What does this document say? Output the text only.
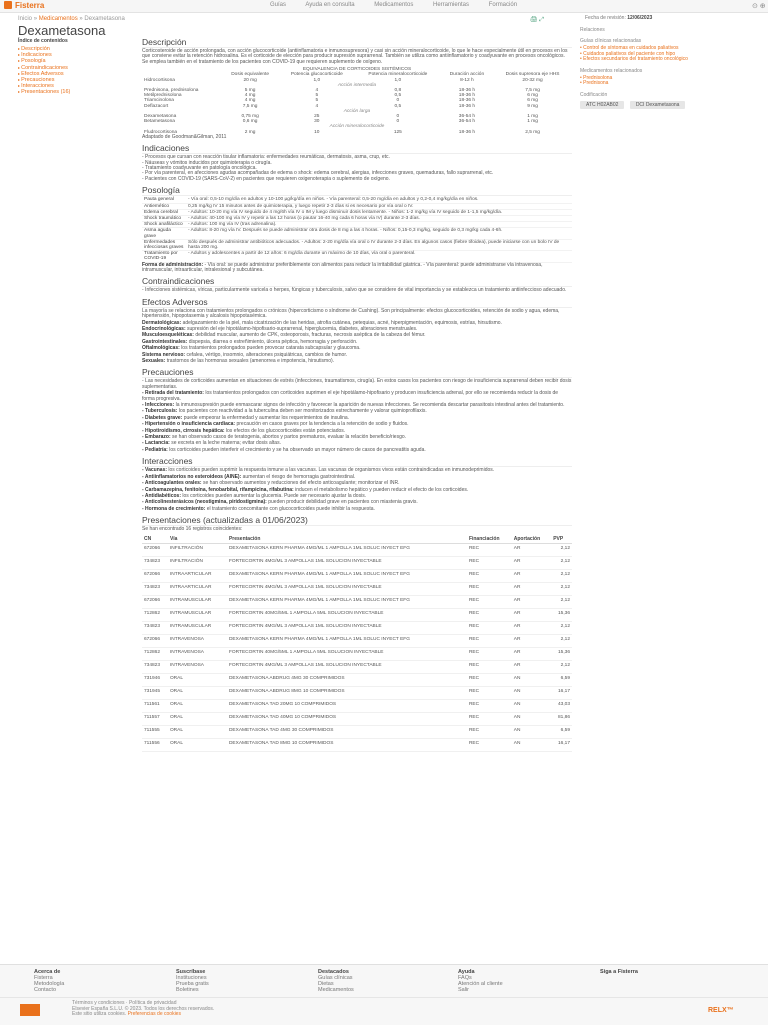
Fisterra	Guías	Ayuda en consulta	Medicamentos	Herramientas	Formación	⊙ ⊕
Inicio » Medicamentos » Dexametasona
Dexametasona
🖨 ⤢	Fecha de revisión: 12/06/2023
Índice de contenidos
▸ Descripción
▸ Indicaciones
▸ Posología
▸ Contraindicaciones
▸ Efectos Adversos
▸ Precauciones
▸ Interacciones
▸ Presentaciones (16)
Relaciones
Guías clínicas relacionadas
• Control de síntomas en cuidados paliativos
• Cuidados paliativos del paciente con hipo
• Efectos secundarios del tratamiento oncológico
Medicamentos relacionados
• Prednisolona
• Prednisona
Codificación
ATC H02AB02	DCI Dexametasona
Descripción

Corticosteroide de acción prolongada, con acción glucocorticoide (antiinflamatoria e inmunosupresora) y casi sin acción mineralocorticoide, lo que le hace especialmente útil en procesos en los que conviene evitar la retención hidrosalina. Es el corticoide de elección para producir supresión suprarrenal. También se utiliza como antiinflamatorio y coadyuvante en procesos oncológicos. Se emplea también en el tratamiento de los pacientes con COVID-19 que requieren suplemento de oxígeno.

EQUIVALENCIA DE CORTICOIDES SISTÉMICOS					
	Dosis equivalente	Potencia glucocorticoide	Potencia mineralocorticoide	Duración acción	Dosis supresora eje HHS
Hidrocortisona	20 mg	1,0	1,0	8-12 h	20-32 mg
Acción intermedia					
Prednisona, prednisolona	5 mg	4	0,8	18-36 h	7,5 mg
Metilprednisolona	4 mg	5	0,5	18-36 h	6 mg
Triamcinolona	4 mg	5	0	18-36 h	6 mg
Deflazacort	7,5 mg	4	0,5	18-36 h	9 mg
Acción larga					
Dexametasona	0,75 mg	25	0	36-54 h	1 mg
Betametasona	0,6 mg	30	0	36-54 h	1 mg
Acción mineralocorticoide					
Fludrocortisona	2 mg	10	125	18-36 h	2,5 mg

Adaptado de Goodman&Gilman, 2011

Indicaciones

- Procesos que cursan con reacción tisular inflamatoria: enfermedades reumáticas, dermatosis, asma, crup, etc.

- Náuseas y vómitos inducidos por quimioterapia o cirugía.

- Tratamiento coadyuvante en patología oncológica.

- Por vía parenteral, en afecciones agudas acompañadas de edema o shock: edema cerebral, alergias, infecciones graves, quemaduras, fallo suprarrenal, etc.

- Pacientes con COVID-19 (SARS-CoV-2) en pacientes que requieren oxigenoterapia o suplemento de oxígeno.

Posología
Pauta general	- Vía oral: 0,5-10 mg/día en adultos y 10-100 µg/kg/día en niños. - Vía parenteral: 0,5-20 mg/día en adultos y 0,2-0,4 mg/kg/día en niños.
Antiemético	0,25 mg/kg IV 15 minutos antes de quimioterapia, y luego repetir 2-3 días si es necesario por vía oral o IV.
Edema cerebral	- Adultos: 10-20 mg vía IV seguido de 4 mg/6h vía IV o IM y luego disminuir dosis lentamente. - Niños: 1-2 mg/kg vía IV seguido de 1-1,5 mg/kg/día.
Shock traumático	- Adultos: 40-100 mg vía IV y repetir a las 12 horas (o pautar 16-40 mg cada 6 horas vía IV) durante 2-3 días.
Shock anafiláctico	- Adultos: 100 mg vía IV (tras adrenalina).
Asma aguda grave	- Adultos: 8-20 mg vía IV. Después se puede administrar otra dosis de 8 mg a las 4 horas. - Niños: 0,15-0,3 mg/kg, seguido de 0,3 mg/kg cada 4-6h.
Enfermedades infecciosas graves	Sólo después de administrar antibióticos adecuados. - Adultos: 2-20 mg/día vía oral o IV durante 2-3 días. En algunos casos (fiebre tifoidea), puede iniciarse con un bolo IV de hasta 200 mg.
Tratamiento por COVID-19	- Adultos y adolescentes a partir de 12 años: 6 mg/día durante un máximo de 10 días, vía oral o parenteral.

Forma de administración: - Vía oral: se puede administrar preferiblemente con alimentos para reducir la irritabilidad gástrica. - Vía parenteral: puede administrarse vía intravenosa, intramuscular, intraarticular, intralesional y subcutánea.

Contraindicaciones

- Infecciones sistémicas, víricas, particularmente varicela o herpes, fúngicas y tuberculosis, salvo que se considere de vital importancia y se establezca un tratamiento antiinfeccioso adecuado.

Efectos Adversos

La mayoría se relaciona con tratamientos prolongados o crónicos (hipercorticismo o síndrome de Cushing). Son principalmente: efectos glucocorticoides, retención de sodio y agua, edema, hipertensión, hipopotasemia y alcalosis hipopotasémica.

Dermatológicas: adelgazamiento de la piel, mala cicatrización de las heridas, atrofia cutánea, petequias, acné, hiperpigmentación, equimosis, estrías, hirsutismo.

Endocrinológicas: supresión del eje hipotálamo-hipofisario-suprarrenal, hiperglucemia, diabetes, alteraciones menstruales.

Musculoesqueléticas: debilidad muscular, aumento de CPK, osteoporosis, fracturas, necrosis aséptica de la cabeza del fémur.

Gastrointestinales: dispepsia, diarrea o estreñimiento, úlcera péptica, hemorragia y perforación.

Oftalmológicas: los tratamientos prolongados pueden provocar catarata subcapsular y glaucoma.

Sistema nervioso: cefalea, vértigo, insomnio, alteraciones psiquiátricas, cambios de humor.

Sexuales: trastornos de las hormonas sexuales (amenorrea e impotencia, hirsutismo).

Precauciones

- Las necesidades de corticoides aumentan en situaciones de estrés (infecciones, traumatismos, cirugía). En estos casos los pacientes con riesgo de insuficiencia suprarrenal deben recibir dosis suplementarias.

- Retirada del tratamiento: los tratamientos prolongados con corticoides suprimen el eje hipotálamo-hipofisario y producen insuficiencia adrenal, por ello se recomienda reducir la dosis de forma progresiva.

- Infecciones: la inmunosupresión puede enmascarar signos de infección y favorecer la aparición de nuevas infecciones. Se recomienda descartar parasitosis intestinal antes del tratamiento.

- Tuberculosis: los pacientes con reactividad a la tuberculina deben ser monitorizados estrechamente y valorar quimioprofilaxis.

- Diabetes grave: puede empeorar la enfermedad y aumentar los requerimientos de insulina.

- Hipertensión o insuficiencia cardiaca: precaución en casos graves por la tendencia a la retención de sodio y fluidos.

- Hipotiroidismo, cirrosis hepática: los efectos de los glucocorticoides están potenciados.

- Embarazo: se han observado casos de teratogenia, abortos y partos prematuros, evaluar la relación beneficio/riesgo.

- Lactancia: se excreta en la leche materna; evitar dosis altas.

- Pediatría: los corticoides pueden interferir el crecimiento y se ha observado un mayor número de casos de pancreatitis aguda.

Interacciones

- Vacunas: los corticoides pueden suprimir la respuesta inmune a las vacunas. Las vacunas de organismos vivos están contraindicadas en inmunodeprimidos.

- Antiinflamatorios no esteroideos (AINE): aumentan el riesgo de hemorragia gastrointestinal.

- Anticoagulantes orales: se han observado aumentos y reducciones del efecto anticoagulante; monitorizar el INR.

- Carbamazepina, fenitoína, fenobarbital, rifampicina, rifabutina: inducen el metabolismo hepático y pueden reducir el efecto de los corticoides.

- Antidiabéticos: los corticoides pueden aumentar la glucemia. Puede ser necesario ajustar la dosis.

- Anticolinesterásicos (neostigmina, piridostigmina): pueden producir debilidad grave en pacientes con miastenia gravis.

- Hormona de crecimiento: el tratamiento concomitante con glucocorticoides puede inhibir la respuesta.

Presentaciones (actualizadas a 01/06/2023)

Se han encontrado 16 registros coincidentes:

CN	Vía	Presentación	Financiación	Aportación	PVP
672066	INFILTRACIÓN	DEXAMETASONA KERN PHARMA 4MG/ML 1 AMPOLLA 1ML SOLUC INYECT EFG	REC	AR	2,12
734823	INFILTRACIÓN	FORTECORTIN 4MG/ML 3 AMPOLLAS 1ML SOLUCION INYECTABLE	REC	AR	2,12
672066	INTRAARTICULAR	DEXAMETASONA KERN PHARMA 4MG/ML 1 AMPOLLA 1ML SOLUC INYECT EFG	REC	AR	2,12
734823	INTRAARTICULAR	FORTECORTIN 4MG/ML 3 AMPOLLAS 1ML SOLUCION INYECTABLE	REC	AR	2,12
672066	INTRAMUSCULAR	DEXAMETASONA KERN PHARMA 4MG/ML 1 AMPOLLA 1ML SOLUC INYECT EFG	REC	AR	2,12
712862	INTRAMUSCULAR	FORTECORTIN 40MG/5ML 1 AMPOLLA 5ML SOLUCION INYECTABLE	REC	AR	15,36
734823	INTRAMUSCULAR	FORTECORTIN 4MG/ML 3 AMPOLLAS 1ML SOLUCION INYECTABLE	REC	AR	2,12
672066	INTRAVENOSA	DEXAMETASONA KERN PHARMA 4MG/ML 1 AMPOLLA 1ML SOLUC INYECT EFG	REC	AR	2,12
712862	INTRAVENOSA	FORTECORTIN 40MG/5ML 1 AMPOLLA 5ML SOLUCION INYECTABLE	REC	AR	15,36
734823	INTRAVENOSA	FORTECORTIN 4MG/ML 3 AMPOLLAS 1ML SOLUCION INYECTABLE	REC	AR	2,12
731946	ORAL	DEXAMETASONA ABDRUG 4MG 30 COMPRIMIDOS	REC	AN	6,59
731945	ORAL	DEXAMETASONA ABDRUG 8MG 10 COMPRIMIDOS	REC	AN	16,17
711561	ORAL	DEXAMETASONA TAD 20MG 10 COMPRIMIDOS	REC	AN	43,03
711557	ORAL	DEXAMETASONA TAD 40MG 10 COMPRIMIDOS	REC	AN	81,86
711555	ORAL	DEXAMETASONA TAD 4MG 30 COMPRIMIDOS	REC	AN	6,59
711556	ORAL	DEXAMETASONA TAD 8MG 10 COMPRIMIDOS	REC	AN	16,17
Acerca de
Fisterra
Metodología
Contacto
Suscríbase
Instituciones
Prueba gratis
Boletines
Destacados
Guías clínicas
Dietas
Medicamentos
Ayuda
FAQs
Atención al cliente
Salir
Siga a Fisterra
Términos y condiciones · Política de privacidad
Elsevier España S.L.U. © 2023. Todos los derechos reservados.
Este sitio utiliza cookies. Preferencias de cookies
RELX™
